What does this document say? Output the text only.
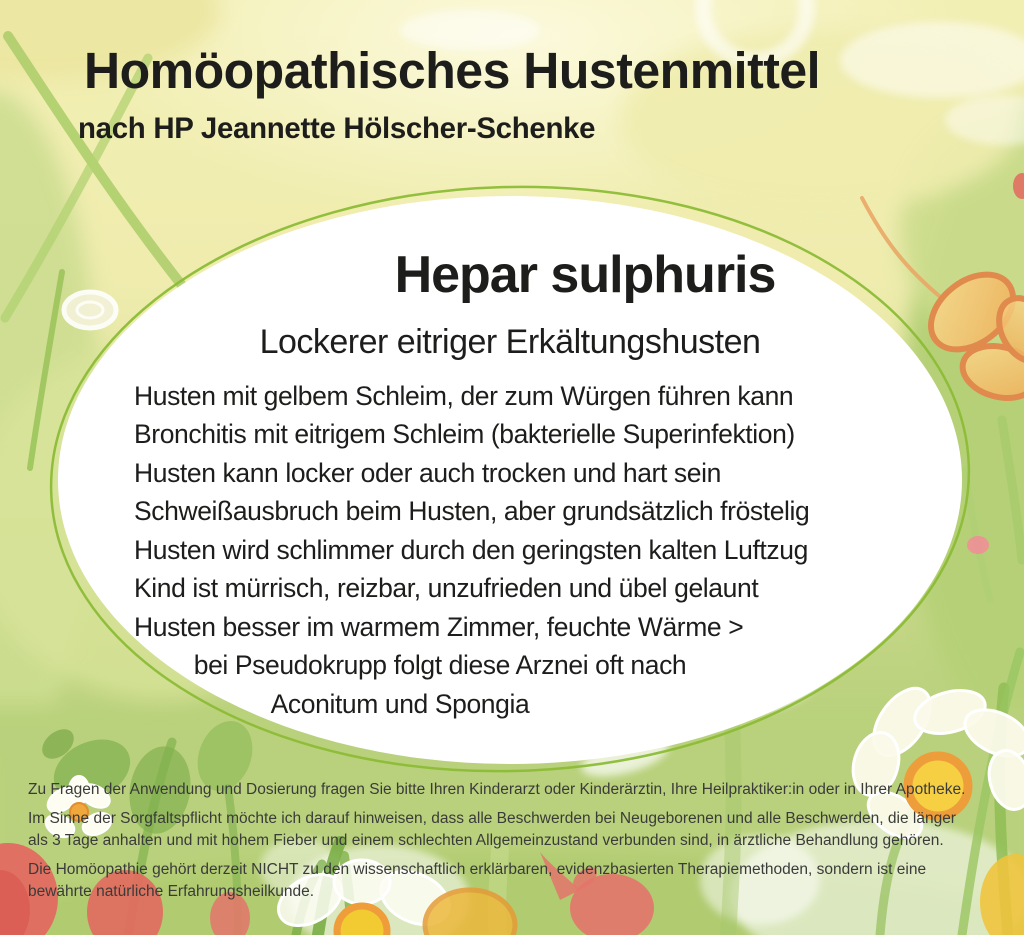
Homöopathisches Hustenmittel
nach HP Jeannette Hölscher-Schenke
Hepar sulphuris
Lockerer eitriger Erkältungshusten
Husten mit gelbem Schleim, der zum Würgen führen kann
Bronchitis mit eitrigem Schleim (bakterielle Superinfektion)
Husten kann locker oder auch trocken und hart sein
Schweißausbruch beim Husten, aber grundsätzlich fröstelig
Husten wird schlimmer durch den geringsten kalten Luftzug
Kind ist mürrisch, reizbar, unzufrieden und übel gelaunt
Husten besser im warmem Zimmer, feuchte Wärme >
bei Pseudokrupp folgt diese Arznei oft nach
Aconitum und Spongia

Zu Fragen der Anwendung und Dosierung fragen Sie bitte Ihren Kinderarzt oder Kinderärztin, Ihre Heilpraktiker:in oder in Ihrer Apotheke.

Im Sinne der Sorgfaltspflicht möchte ich darauf hinweisen, dass alle Beschwerden bei Neugeborenen und alle Beschwerden, die länger
als 3 Tage anhalten und mit hohem Fieber und einem schlechten Allgemeinzustand verbunden sind, in ärztliche Behandlung gehören.

Die Homöopathie gehört derzeit NICHT zu den wissenschaftlich erklärbaren, evidenzbasierten Therapiemethoden, sondern ist eine
bewährte natürliche Erfahrungsheilkunde.
